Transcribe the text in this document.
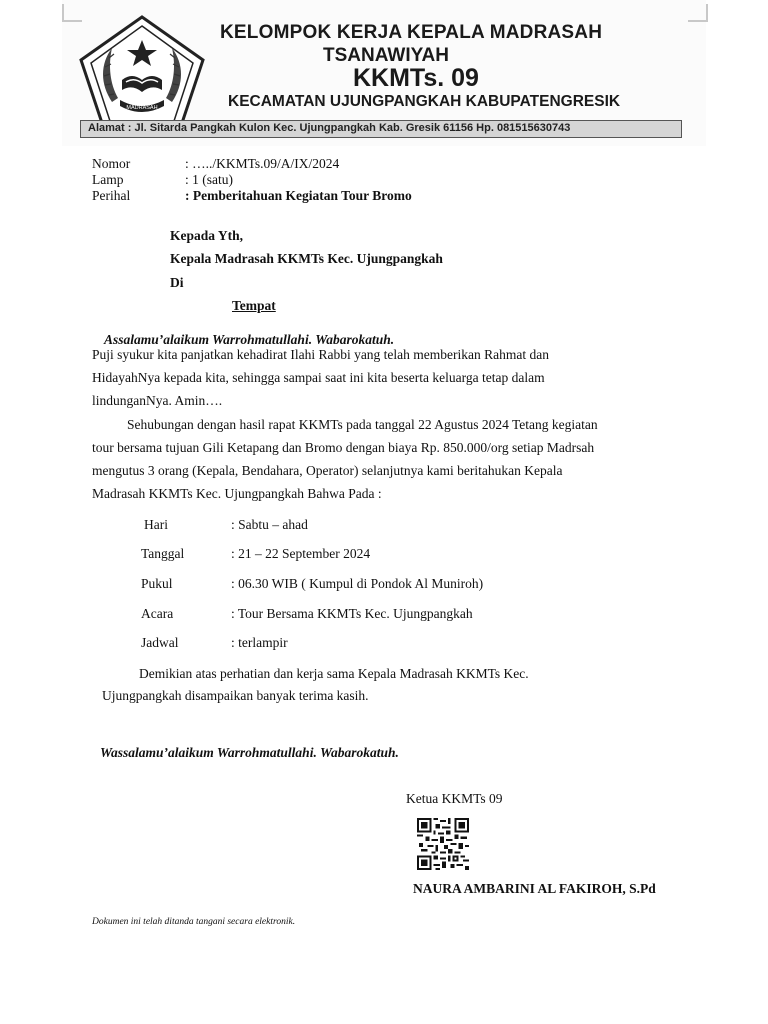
MADRASAH
KELOMPOK KERJA KEPALA MADRASAH
TSANAWIYAH
KKMTs. 09
KECAMATAN UJUNGPANGKAH KABUPATENGRESIK
Alamat : Jl. Sitarda Pangkah Kulon Kec. Ujungpangkah Kab. Gresik 61156 Hp. 081515630743
Nomor	: …../KKMTs.09/A/IX/2024
Lamp	: 1 (satu)
Perihal	: Pemberitahuan Kegiatan Tour Bromo
Kepada Yth,
Kepala Madrasah KKMTs Kec. Ujungpangkah
Di
Tempat
Assalamu’alaikum Warrohmatullahi. Wabarokatuh.
Puji syukur kita panjatkan kehadirat Ilahi Rabbi yang telah memberikan Rahmat dan
HidayahNya kepada kita, sehingga sampai saat ini kita beserta keluarga tetap dalam
lindunganNya. Amin….
Sehubungan dengan hasil rapat KKMTs pada tanggal 22 Agustus 2024 Tetang kegiatan
tour bersama tujuan Gili Ketapang dan Bromo dengan biaya Rp. 850.000/org setiap Madrsah
mengutus 3 orang (Kepala, Bendahara, Operator) selanjutnya kami beritahukan Kepala
Madrasah KKMTs Kec. Ujungpangkah Bahwa Pada :
Hari	: Sabtu – ahad
Tanggal	: 21 – 22 September 2024
Pukul	: 06.30 WIB ( Kumpul di Pondok Al Muniroh)
Acara	: Tour Bersama KKMTs Kec. Ujungpangkah
Jadwal	: terlampir
Demikian atas perhatian dan kerja sama Kepala Madrasah KKMTs Kec.
Ujungpangkah disampaikan banyak terima kasih.
Wassalamu’alaikum Warrohmatullahi. Wabarokatuh.
Ketua KKMTs 09
NAURA AMBARINI AL FAKIROH, S.Pd
Dokumen ini telah ditanda tangani secara elektronik.
